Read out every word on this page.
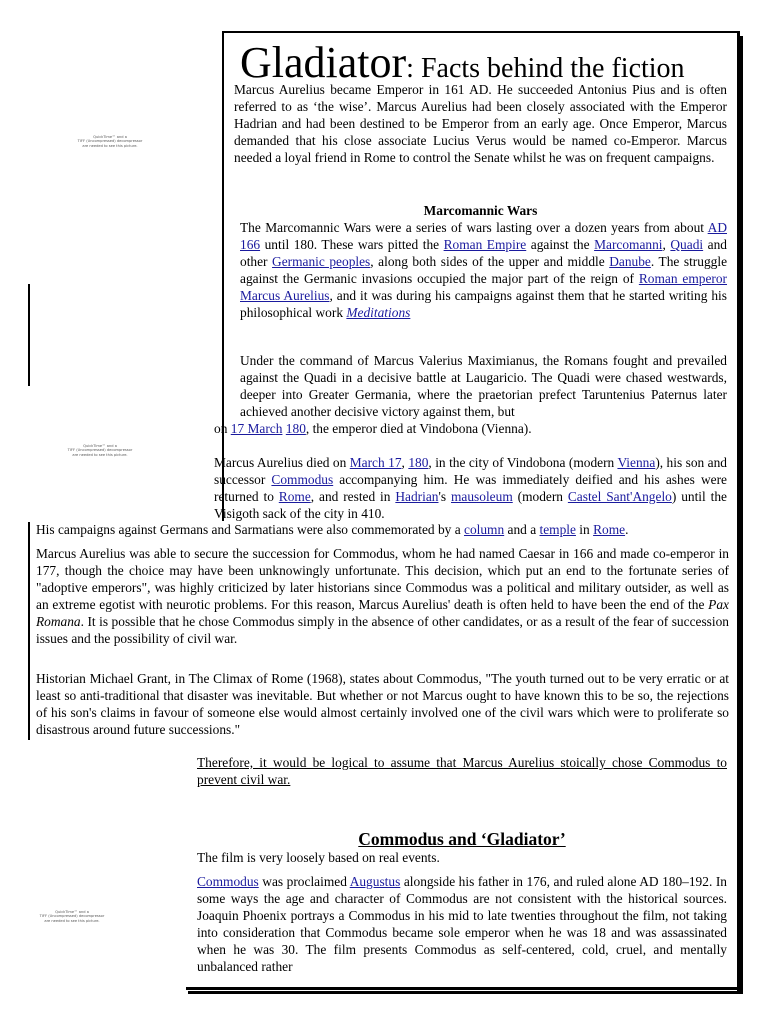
QuickTime™ and a
TIFF (Uncompressed) decompressor
are needed to see this picture.
QuickTime™ and a
TIFF (Uncompressed) decompressor
are needed to see this picture.
QuickTime™ and a
TIFF (Uncompressed) decompressor
are needed to see this picture.
Gladiator: Facts behind the fiction

Marcus Aurelius became Emperor in 161 AD. He succeeded Antonius Pius and is often referred to as ‘the wise’. Marcus Aurelius had been closely associated with the Emperor Hadrian and had been destined to be Emperor from an early age. Once Emperor, Marcus demanded that his close associate Lucius Verus would be named co-Emperor. Marcus needed a loyal friend in Rome to control the Senate whilst he was on frequent campaigns.

Marcomannic Wars

The Marcomannic Wars were a series of wars lasting over a dozen years from about AD 166 until 180. These wars pitted the Roman Empire against the Marcomanni, Quadi and other Germanic peoples, along both sides of the upper and middle Danube. The struggle against the Germanic invasions occupied the major part of the reign of Roman emperor Marcus Aurelius, and it was during his campaigns against them that he started writing his philosophical work Meditations

Under the command of Marcus Valerius Maximianus, the Romans fought and prevailed against the Quadi in a decisive battle at Laugaricio. The Quadi were chased westwards, deeper into Greater Germania, where the praetorian prefect Taruntenius Paternus later achieved another decisive victory against them, but

on 17 March 180, the emperor died at Vindobona (Vienna).

Marcus Aurelius died on March 17, 180, in the city of Vindobona (modern Vienna), his son and successor Commodus accompanying him. He was immediately deified and his ashes were returned to Rome, and rested in Hadrian's mausoleum (modern Castel Sant'Angelo) until the Visigoth sack of the city in 410.

His campaigns against Germans and Sarmatians were also commemorated by a column and a temple in Rome.

Marcus Aurelius was able to secure the succession for Commodus, whom he had named Caesar in 166 and made co-emperor in 177, though the choice may have been unknowingly unfortunate. This decision, which put an end to the fortunate series of "adoptive emperors", was highly criticized by later historians since Commodus was a political and military outsider, as well as an extreme egotist with neurotic problems. For this reason, Marcus Aurelius' death is often held to have been the end of the Pax Romana. It is possible that he chose Commodus simply in the absence of other candidates, or as a result of the fear of succession issues and the possibility of civil war.

Historian Michael Grant, in The Climax of Rome (1968), states about Commodus, "The youth turned out to be very erratic or at least so anti-traditional that disaster was inevitable. But whether or not Marcus ought to have known this to be so, the rejections of his son's claims in favour of someone else would almost certainly involved one of the civil wars which were to proliferate so disastrous around future successions."

Therefore, it would be logical to assume that Marcus Aurelius stoically chose Commodus to prevent civil war.

Commodus and ‘Gladiator’

The film is very loosely based on real events.

Commodus was proclaimed Augustus alongside his father in 176, and ruled alone AD 180–192. In some ways the age and character of Commodus are not consistent with the historical sources. Joaquin Phoenix portrays a Commodus in his mid to late twenties throughout the film, not taking into consideration that Commodus became sole emperor when he was 18 and was assassinated when he was 30. The film presents Commodus as self-centered, cold, cruel, and mentally unbalanced rather
